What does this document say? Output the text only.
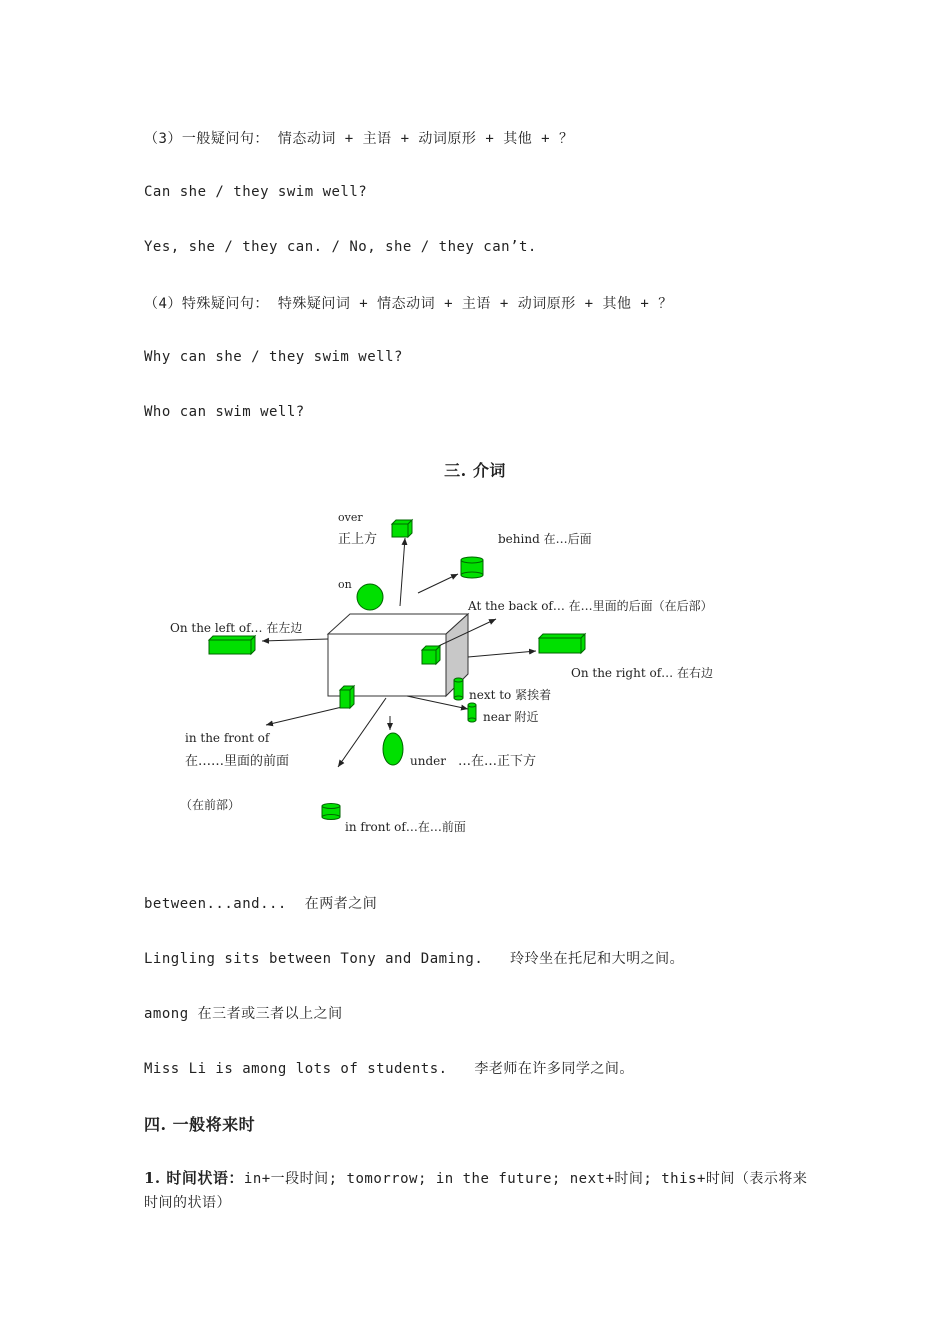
（3）一般疑问句： 情态动词 + 主语 + 动词原形 + 其他 + ？
Can she / they swim well?
Yes, she / they can. / No, she / they can’t.
（4）特殊疑问句： 特殊疑问词 + 情态动词 + 主语 + 动词原形 + 其他 + ？
Why can she / they swim well?
Who can swim well?
三. 介词
over
正上方	behind 在…后面
on
At the back of… 在…里面的后面（在后部）
On the left of… 在左边
On the right of… 在右边
next to 紧挨着
near 附近
in the front of
在……里面的前面	under …在…正下方
（在前部）
in front of…在…前面
between...and...  在两者之间
Lingling sits between Tony and Daming.   玲玲坐在托尼和大明之间。
among 在三者或三者以上之间
Miss Li is among lots of students.   李老师在许多同学之间。
四. 一般将来时
1. 时间状语：in+一段时间; tomorrow; in the future; next+时间; this+时间（表示将来时间的状语）
